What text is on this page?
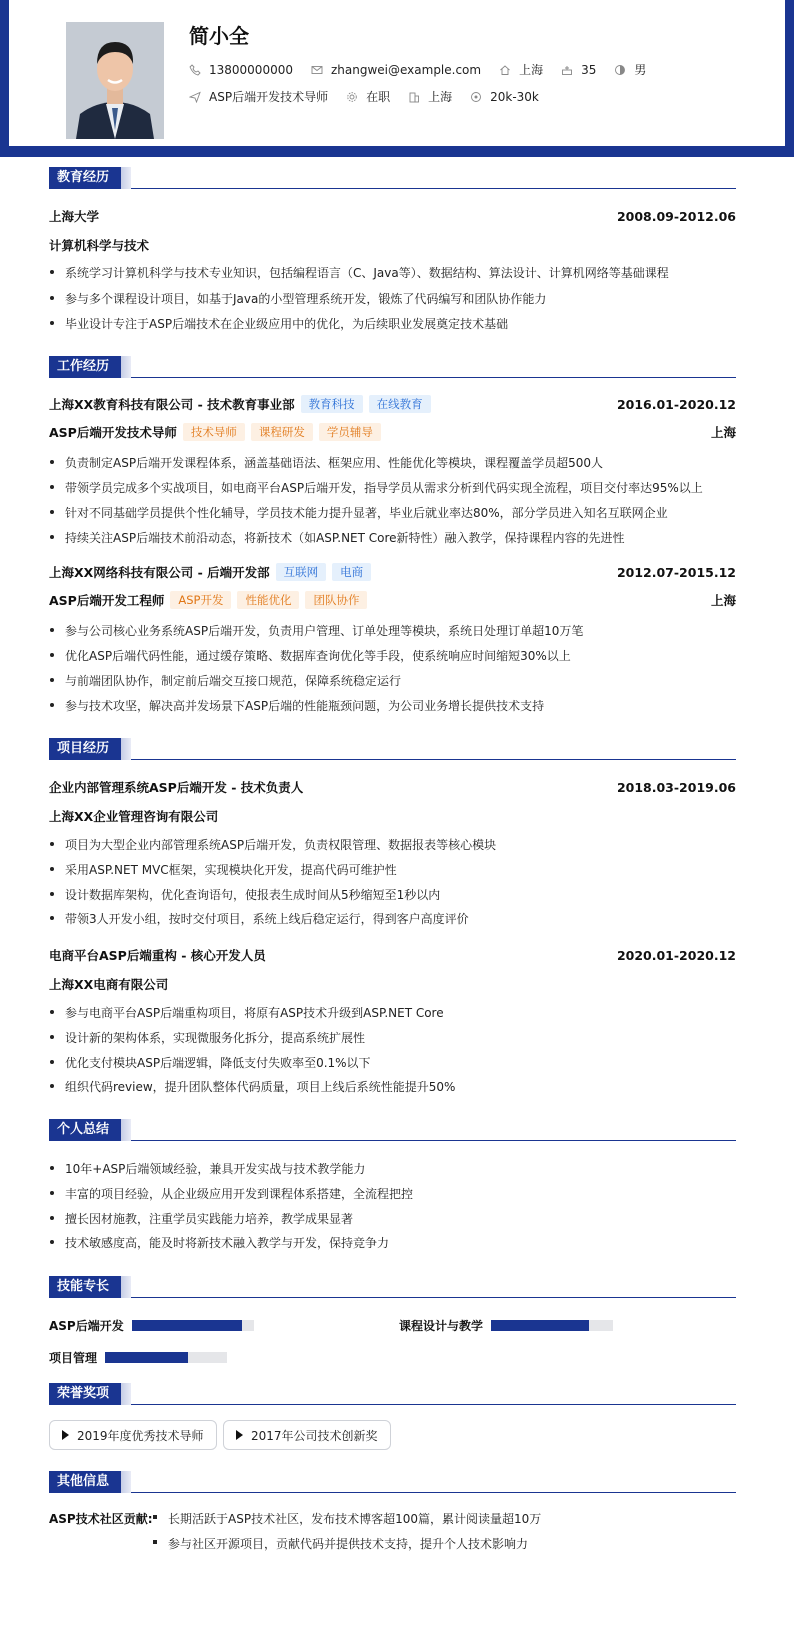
简小全
13800000000	zhangwei@example.com	上海	35	男
ASP后端开发技术导师	在职	上海	20k-30k
教育经历
上海大学	2008.09-2012.06
计算机科学与技术
系统学习计算机科学与技术专业知识，包括编程语言（C、Java等）、数据结构、算法设计、计算机网络等基础课程
参与多个课程设计项目，如基于Java的小型管理系统开发，锻炼了代码编写和团队协作能力
毕业设计专注于ASP后端技术在企业级应用中的优化，为后续职业发展奠定技术基础
工作经历
上海XX教育科技有限公司 - 技术教育事业部	教育科技	在线教育	2016.01-2020.12
ASP后端开发技术导师	技术导师	课程研发	学员辅导	上海
负责制定ASP后端开发课程体系，涵盖基础语法、框架应用、性能优化等模块，课程覆盖学员超500人
带领学员完成多个实战项目，如电商平台ASP后端开发，指导学员从需求分析到代码实现全流程，项目交付率达95%以上
针对不同基础学员提供个性化辅导，学员技术能力提升显著，毕业后就业率达80%，部分学员进入知名互联网企业
持续关注ASP后端技术前沿动态，将新技术（如ASP.NET Core新特性）融入教学，保持课程内容的先进性
上海XX网络科技有限公司 - 后端开发部	互联网	电商	2012.07-2015.12
ASP后端开发工程师	ASP开发	性能优化	团队协作	上海
参与公司核心业务系统ASP后端开发，负责用户管理、订单处理等模块，系统日处理订单超10万笔
优化ASP后端代码性能，通过缓存策略、数据库查询优化等手段，使系统响应时间缩短30%以上
与前端团队协作，制定前后端交互接口规范，保障系统稳定运行
参与技术攻坚，解决高并发场景下ASP后端的性能瓶颈问题，为公司业务增长提供技术支持
项目经历
企业内部管理系统ASP后端开发 - 技术负责人	2018.03-2019.06
上海XX企业管理咨询有限公司
项目为大型企业内部管理系统ASP后端开发，负责权限管理、数据报表等核心模块
采用ASP.NET MVC框架，实现模块化开发，提高代码可维护性
设计数据库架构，优化查询语句，使报表生成时间从5秒缩短至1秒以内
带领3人开发小组，按时交付项目，系统上线后稳定运行，得到客户高度评价
电商平台ASP后端重构 - 核心开发人员	2020.01-2020.12
上海XX电商有限公司
参与电商平台ASP后端重构项目，将原有ASP技术升级到ASP.NET Core
设计新的架构体系，实现微服务化拆分，提高系统扩展性
优化支付模块ASP后端逻辑，降低支付失败率至0.1%以下
组织代码review，提升团队整体代码质量，项目上线后系统性能提升50%
个人总结
10年+ASP后端领域经验，兼具开发实战与技术教学能力
丰富的项目经验，从企业级应用开发到课程体系搭建，全流程把控
擅长因材施教，注重学员实践能力培养，教学成果显著
技术敏感度高，能及时将新技术融入教学与开发，保持竞争力
技能专长
ASP后端开发	课程设计与教学
项目管理
荣誉奖项
2019年度优秀技术导师	2017年公司技术创新奖
其他信息
ASP技术社区贡献:	长期活跃于ASP技术社区，发布技术博客超100篇，累计阅读量超10万
参与社区开源项目，贡献代码并提供技术支持，提升个人技术影响力
